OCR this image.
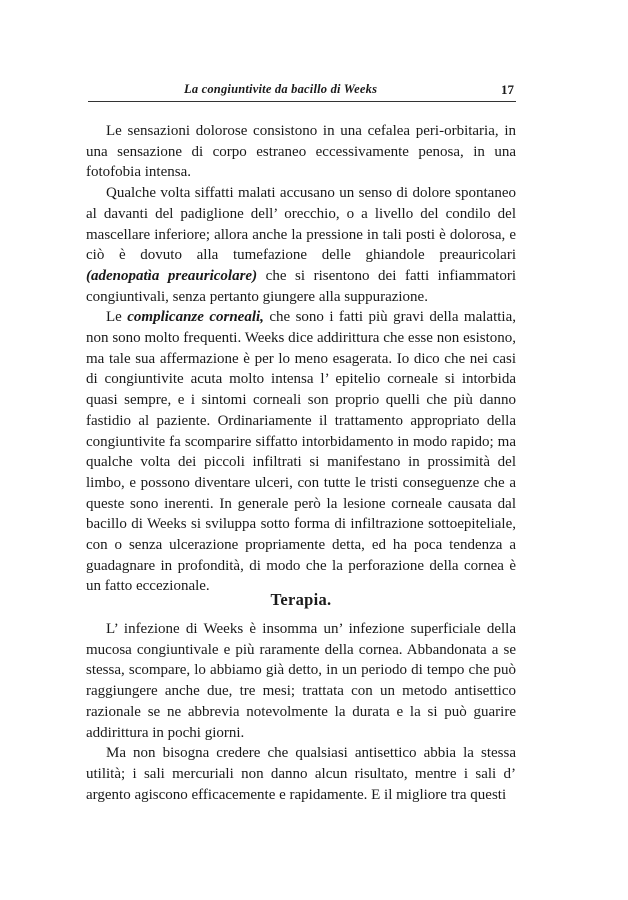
La congiuntivite da bacillo di Weeks	17

Le sensazioni dolorose consistono in una cefalea peri-orbitaria, in una sensazione di corpo estraneo eccessivamente penosa, in una fotofobia intensa.

Qualche volta siffatti malati accusano un senso di dolore spontaneo al davanti del padiglione dell’ orecchio, o a livello del condilo del mascellare inferiore; allora anche la pressione in tali posti è dolorosa, e ciò è dovuto alla tumefazione delle ghiandole preauricolari (adenopatìa preauricolare) che si risentono dei fatti infiammatori congiuntivali, senza pertanto giungere alla suppurazione.

Le complicanze corneali, che sono i fatti più gravi della malattia, non sono molto frequenti. Weeks dice addirittura che esse non esistono, ma tale sua affermazione è per lo meno esagerata. Io dico che nei casi di congiuntivite acuta molto intensa l’ epitelio corneale si intorbida quasi sempre, e i sintomi corneali son proprio quelli che più danno fastidio al paziente. Ordinariamente il trattamento appropriato della congiuntivite fa scomparire siffatto intorbidamento in modo rapido; ma qualche volta dei piccoli infiltrati si manifestano in prossimità del limbo, e possono diventare ulceri, con tutte le tristi conseguenze che a queste sono inerenti. In generale però la lesione corneale causata dal bacillo di Weeks si sviluppa sotto forma di infiltrazione sottoepiteliale, con o senza ulcerazione propriamente detta, ed ha poca tendenza a guadagnare in profondità, di modo che la perforazione della cornea è un fatto eccezionale.

Terapia.

L’ infezione di Weeks è insomma un’ infezione superficiale della mucosa congiuntivale e più raramente della cornea. Abbandonata a se stessa, scompare, lo abbiamo già detto, in un periodo di tempo che può raggiungere anche due, tre mesi; trattata con un metodo antisettico razionale se ne abbrevia notevolmente la durata e la si può guarire addirittura in pochi giorni.

Ma non bisogna credere che qualsiasi antisettico abbia la stessa utilità; i sali mercuriali non danno alcun risultato, mentre i sali d’ argento agiscono efficacemente e rapidamente. E il migliore tra questi
